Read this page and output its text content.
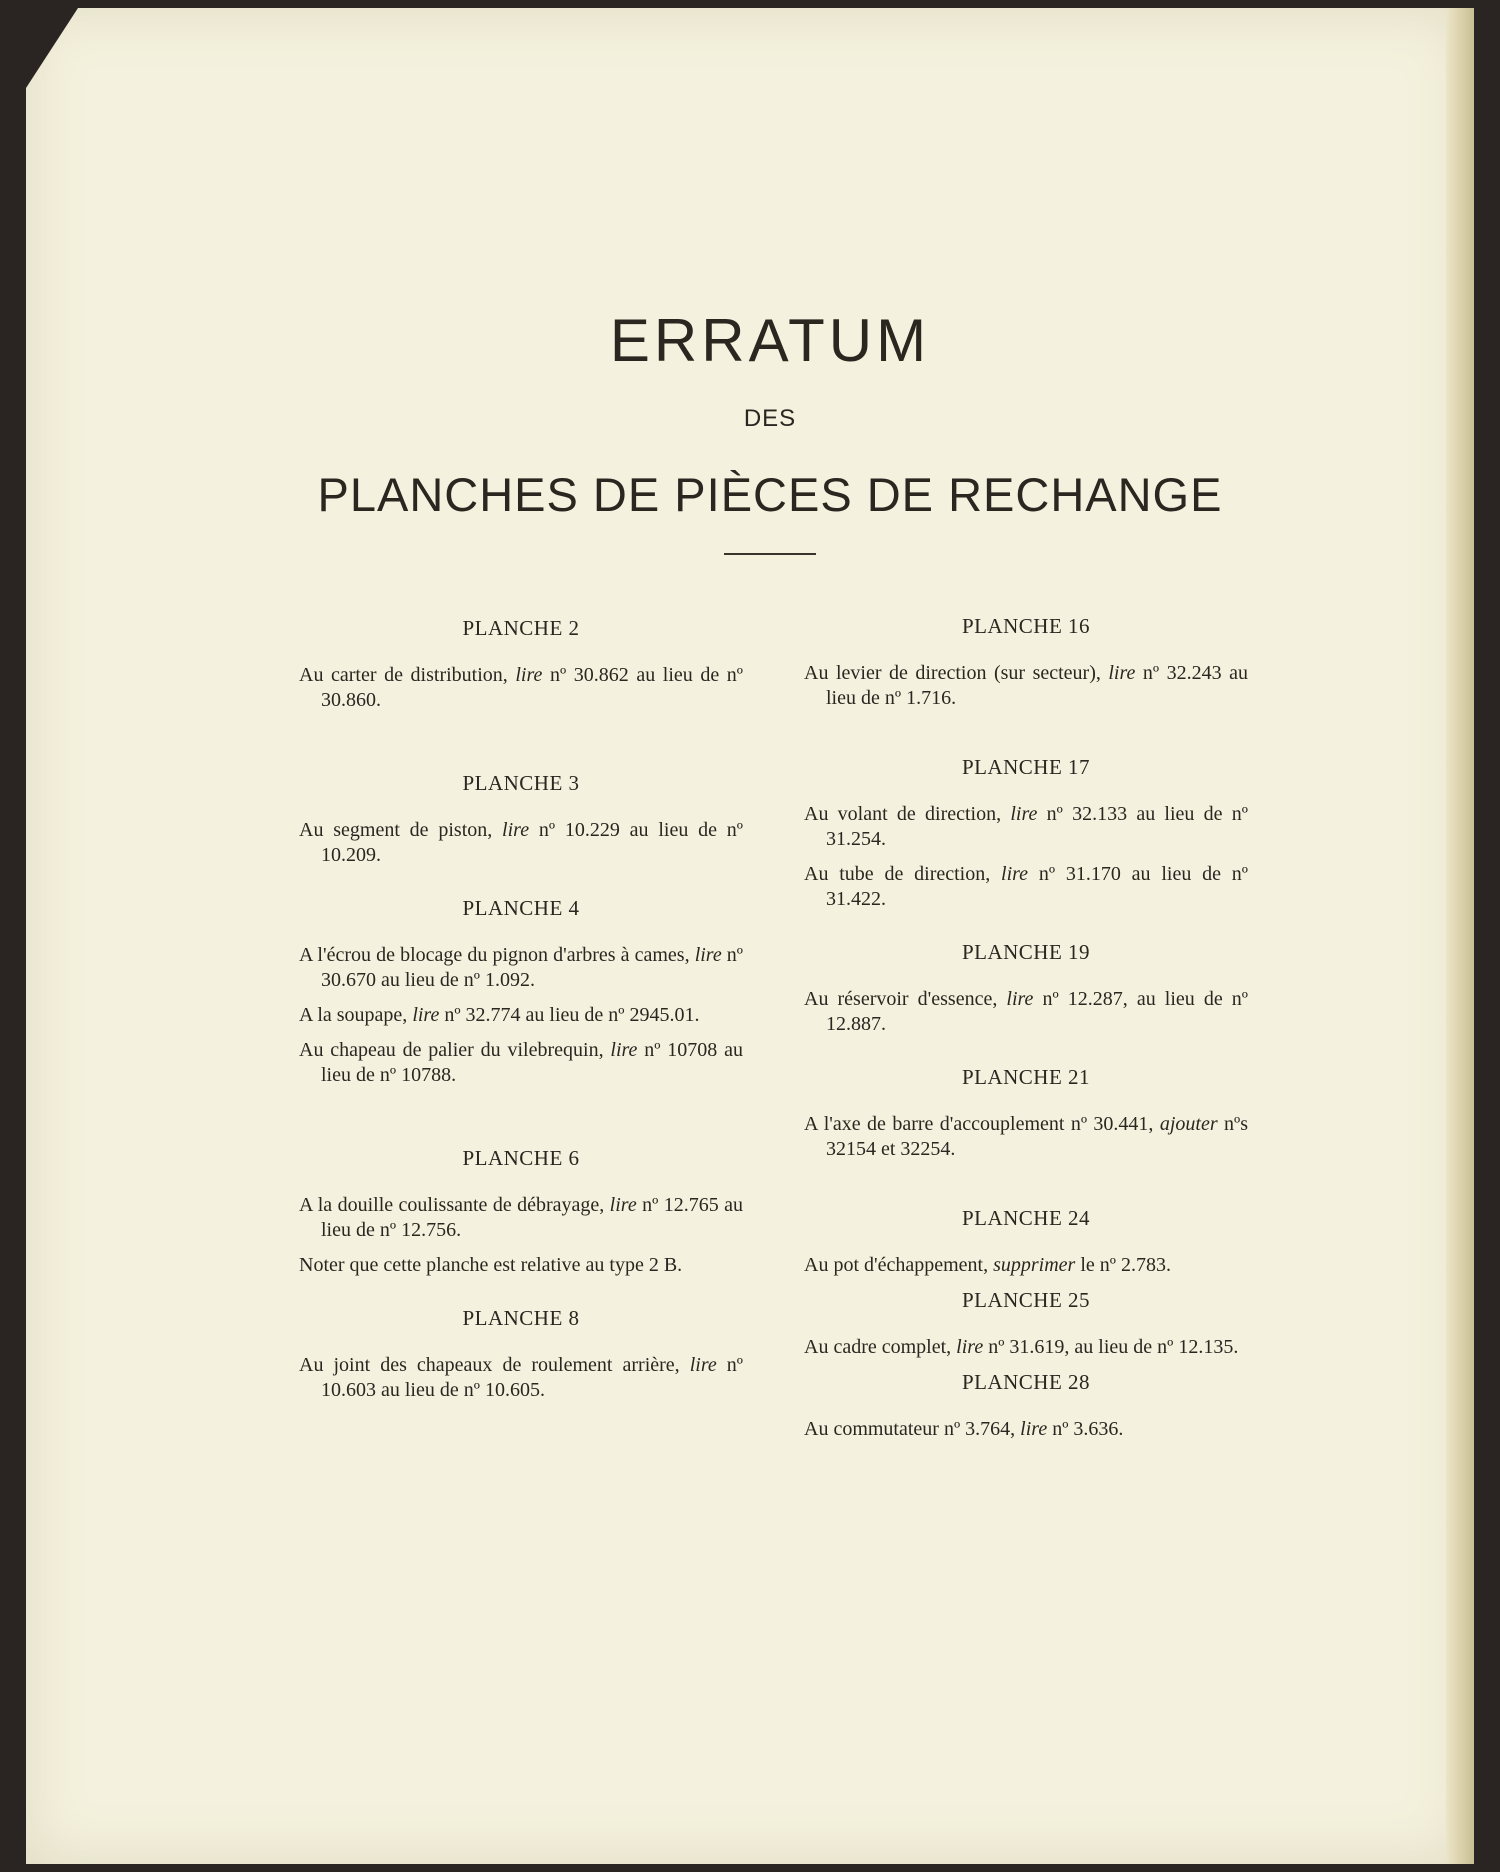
ERRATUM
DES
PLANCHES DE PIÈCES DE RECHANGE
PLANCHE 2

Au carter de distribution, lire nº 30.862 au lieu de nº 30.860.

PLANCHE 3

Au segment de piston, lire nº 10.229 au lieu de nº 10.209.

PLANCHE 4

A l'écrou de blocage du pignon d'arbres à cames, lire nº 30.670 au lieu de nº 1.092.

A la soupape, lire nº 32.774 au lieu de nº 2945.01.

Au chapeau de palier du vilebrequin, lire nº 10708 au lieu de nº 10788.

PLANCHE 6

A la douille coulissante de débrayage, lire nº 12.765 au lieu de nº 12.756.

Noter que cette planche est relative au type 2 B.

PLANCHE 8

Au joint des chapeaux de roulement arrière, lire nº 10.603 au lieu de nº 10.605.

PLANCHE 16

Au levier de direction (sur secteur), lire nº 32.243 au lieu de nº 1.716.

PLANCHE 17

Au volant de direction, lire nº 32.133 au lieu de nº 31.254.

Au tube de direction, lire nº 31.170 au lieu de nº 31.422.

PLANCHE 19

Au réservoir d'essence, lire nº 12.287, au lieu de nº 12.887.

PLANCHE 21

A l'axe de barre d'accouplement nº 30.441, ajouter nºs 32154 et 32254.

PLANCHE 24

Au pot d'échappement, supprimer le nº 2.783.

PLANCHE 25

Au cadre complet, lire nº 31.619, au lieu de nº 12.135.

PLANCHE 28

Au commutateur nº 3.764, lire nº 3.636.
